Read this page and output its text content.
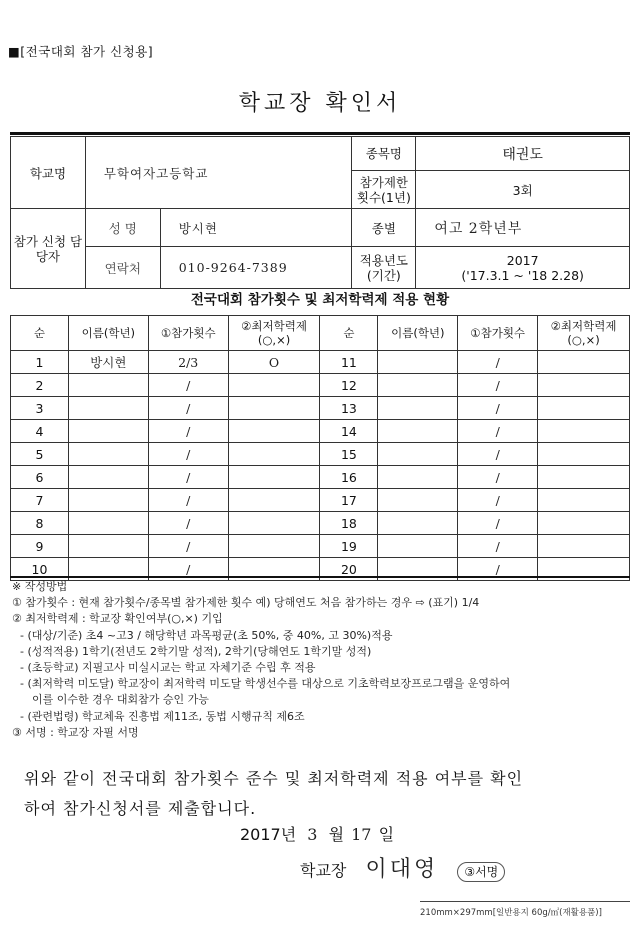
■[전국대회 참가 신청용]
학교장 확인서
학교명	무학여자고등학교		종목명	태권도
			참가제한 횟수(1년)	3회
참가 신청 담당자	성 명	방시현	종별	여고 2학년부
	연락처	010-9264-7389	적용년도 (기간)	2017
('17.3.1 ~ '18 2.28)
전국대회 참가횟수 및 최저학력제 적용 현황
순	이름(학년)	①참가횟수	②최저학력제 (○,×)	순	이름(학년)	①참가횟수	②최저학력제 (○,×)
1	방시현	2/3	O	11		/	
2		/		12		/	
3		/		13		/	
4		/		14		/	
5		/		15		/	
6		/		16		/	
7		/		17		/	
8		/		18		/	
9		/		19		/	
10		/		20		/	
※ 작성방법
① 참가횟수 : 현재 참가횟수/종목별 참가제한 횟수 예) 당해연도 처음 참가하는 경우 ⇨ (표기) 1/4
② 최저학력제 : 학교장 확인여부(○,×) 기입
- (대상/기준) 초4 ~고3 / 해당학년 과목평균(초 50%, 중 40%, 고 30%)적용
- (성적적용) 1학기(전년도 2학기말 성적), 2학기(당해연도 1학기말 성적)
- (초등학교) 지필고사 미실시교는 학교 자체기준 수립 후 적용
- (최저학력 미도달) 학교장이 최저학력 미도달 학생선수를 대상으로 기초학력보장프로그램을 운영하여
이를 이수한 경우 대회참가 승인 가능
- (관련법령) 학교체육 진흥법 제11조, 동법 시행규칙 제6조
③ 서명 : 학교장 자필 서명
위와 같이 전국대회 참가횟수 준수 및 최저학력제 적용 여부를 확인
하여 참가신청서를 제출합니다.
2017년 3 월 17 일
학교장 이대영 ③서명
210mm×297mm[일반용지 60g/㎡(재활용품)]
